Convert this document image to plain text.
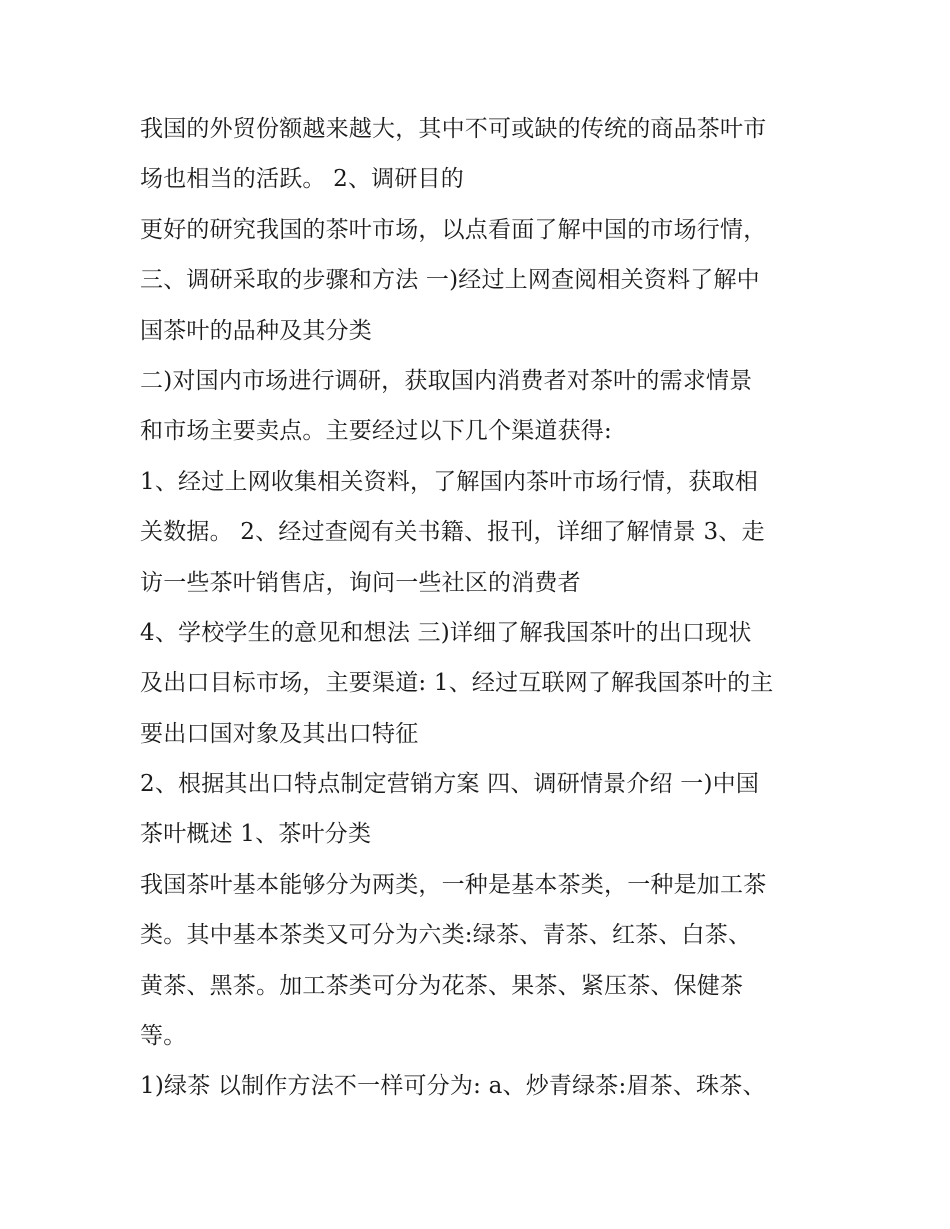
我国的外贸份额越来越大，其中不可或缺的传统的商品茶叶市
场也相当的活跃。 2、调研目的
更好的研究我国的茶叶市场，以点看面了解中国的市场行情，
三、调研采取的步骤和方法 一)经过上网查阅相关资料了解中
国茶叶的品种及其分类
二)对国内市场进行调研，获取国内消费者对茶叶的需求情景
和市场主要卖点。主要经过以下几个渠道获得:
1、经过上网收集相关资料，了解国内茶叶市场行情，获取相
关数据。 2、经过查阅有关书籍、报刊，详细了解情景 3、走
访一些茶叶销售店，询问一些社区的消费者
4、学校学生的意见和想法 三)详细了解我国茶叶的出口现状
及出口目标市场，主要渠道: 1、经过互联网了解我国茶叶的主
要出口国对象及其出口特征
2、根据其出口特点制定营销方案 四、调研情景介绍 一)中国
茶叶概述 1、茶叶分类
我国茶叶基本能够分为两类，一种是基本茶类，一种是加工茶
类。其中基本茶类又可分为六类:绿茶、青茶、红茶、白茶、
黄茶、黑茶。加工茶类可分为花茶、果茶、紧压茶、保健茶
等。
1)绿茶 以制作方法不一样可分为: a、炒青绿茶:眉茶、珠茶、
